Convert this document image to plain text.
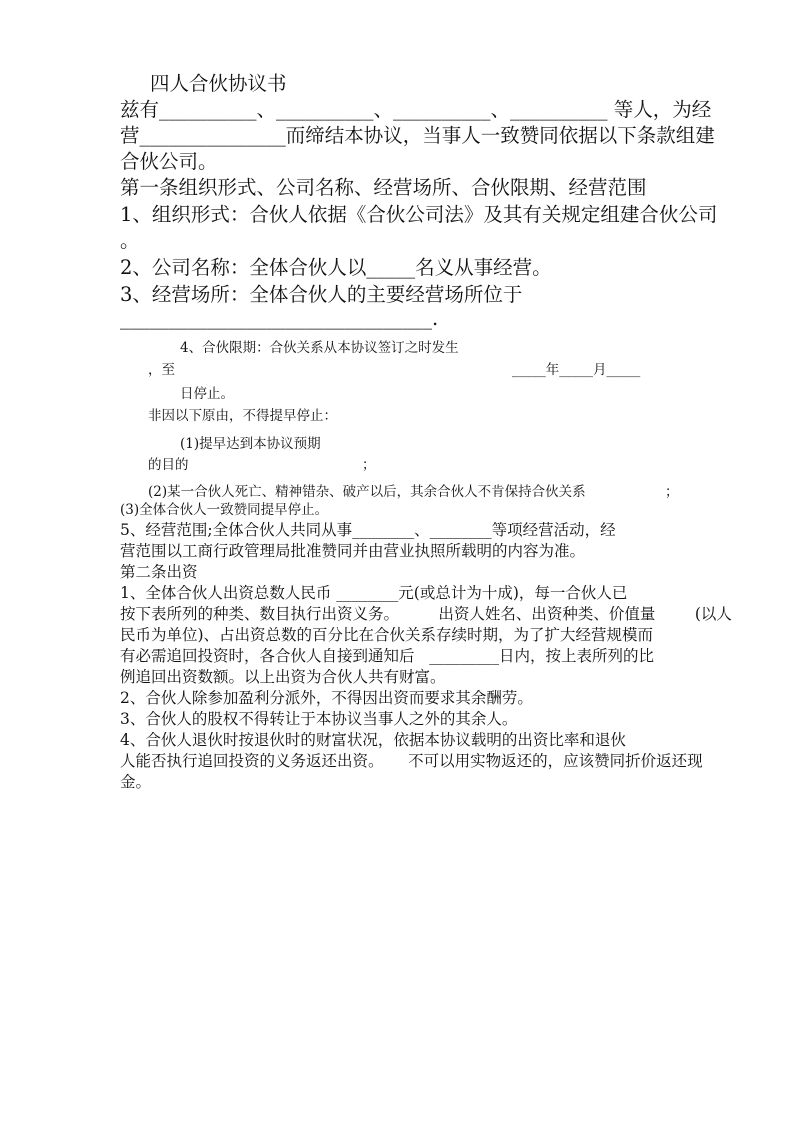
四人合伙协议书
兹有__________、__________、__________、__________ 等人，为经
营_______________而缔结本协议，当事人一致赞同依据以下条款组建
合伙公司。
第一条组织形式、公司名称、经营场所、合伙限期、经营范围
1、组织形式：合伙人依据《合伙公司法》及其有关规定组建合伙公司
。
2、公司名称：全体合伙人以_____名义从事经营。
3、经营场所：全体合伙人的主要经营场所位于
________________________________.
4、合伙限期：合伙关系从本协议签订之时发生
，至	_____年_____月_____
日停止。
非因以下原由，不得提早停止：
(1)提早达到本协议预期
的目的	；
(2)某一合伙人死亡、精神错杂、破产以后，其余合伙人不肯保持合伙关系	；
(3)全体合伙人一致赞同提早停止。
5、经营范围;全体合伙人共同从事________、________等项经营活动，经
营范围以工商行政管理局批准赞同并由营业执照所载明的内容为准。
第二条出资
1、全体合伙人出资总数人民币 ________元(或总计为十成)，每一合伙人已
按下表所列的种类、数目执行出资义务。        出资人姓名、出资种类、价值量        (以人
民币为单位)、占出资总数的百分比在合伙关系存续时期，为了扩大经营规模而
有必需追回投资时，各合伙人自接到通知后   _________日内，按上表所列的比
例追回出资数额。以上出资为合伙人共有财富。
2、合伙人除参加盈利分派外，不得因出资而要求其余酬劳。
3、合伙人的股权不得转让于本协议当事人之外的其余人。
4、合伙人退伙时按退伙时的财富状况，依据本协议载明的出资比率和退伙
人能否执行追回投资的义务返还出资。     不可以用实物返还的，应该赞同折价返还现
金。
